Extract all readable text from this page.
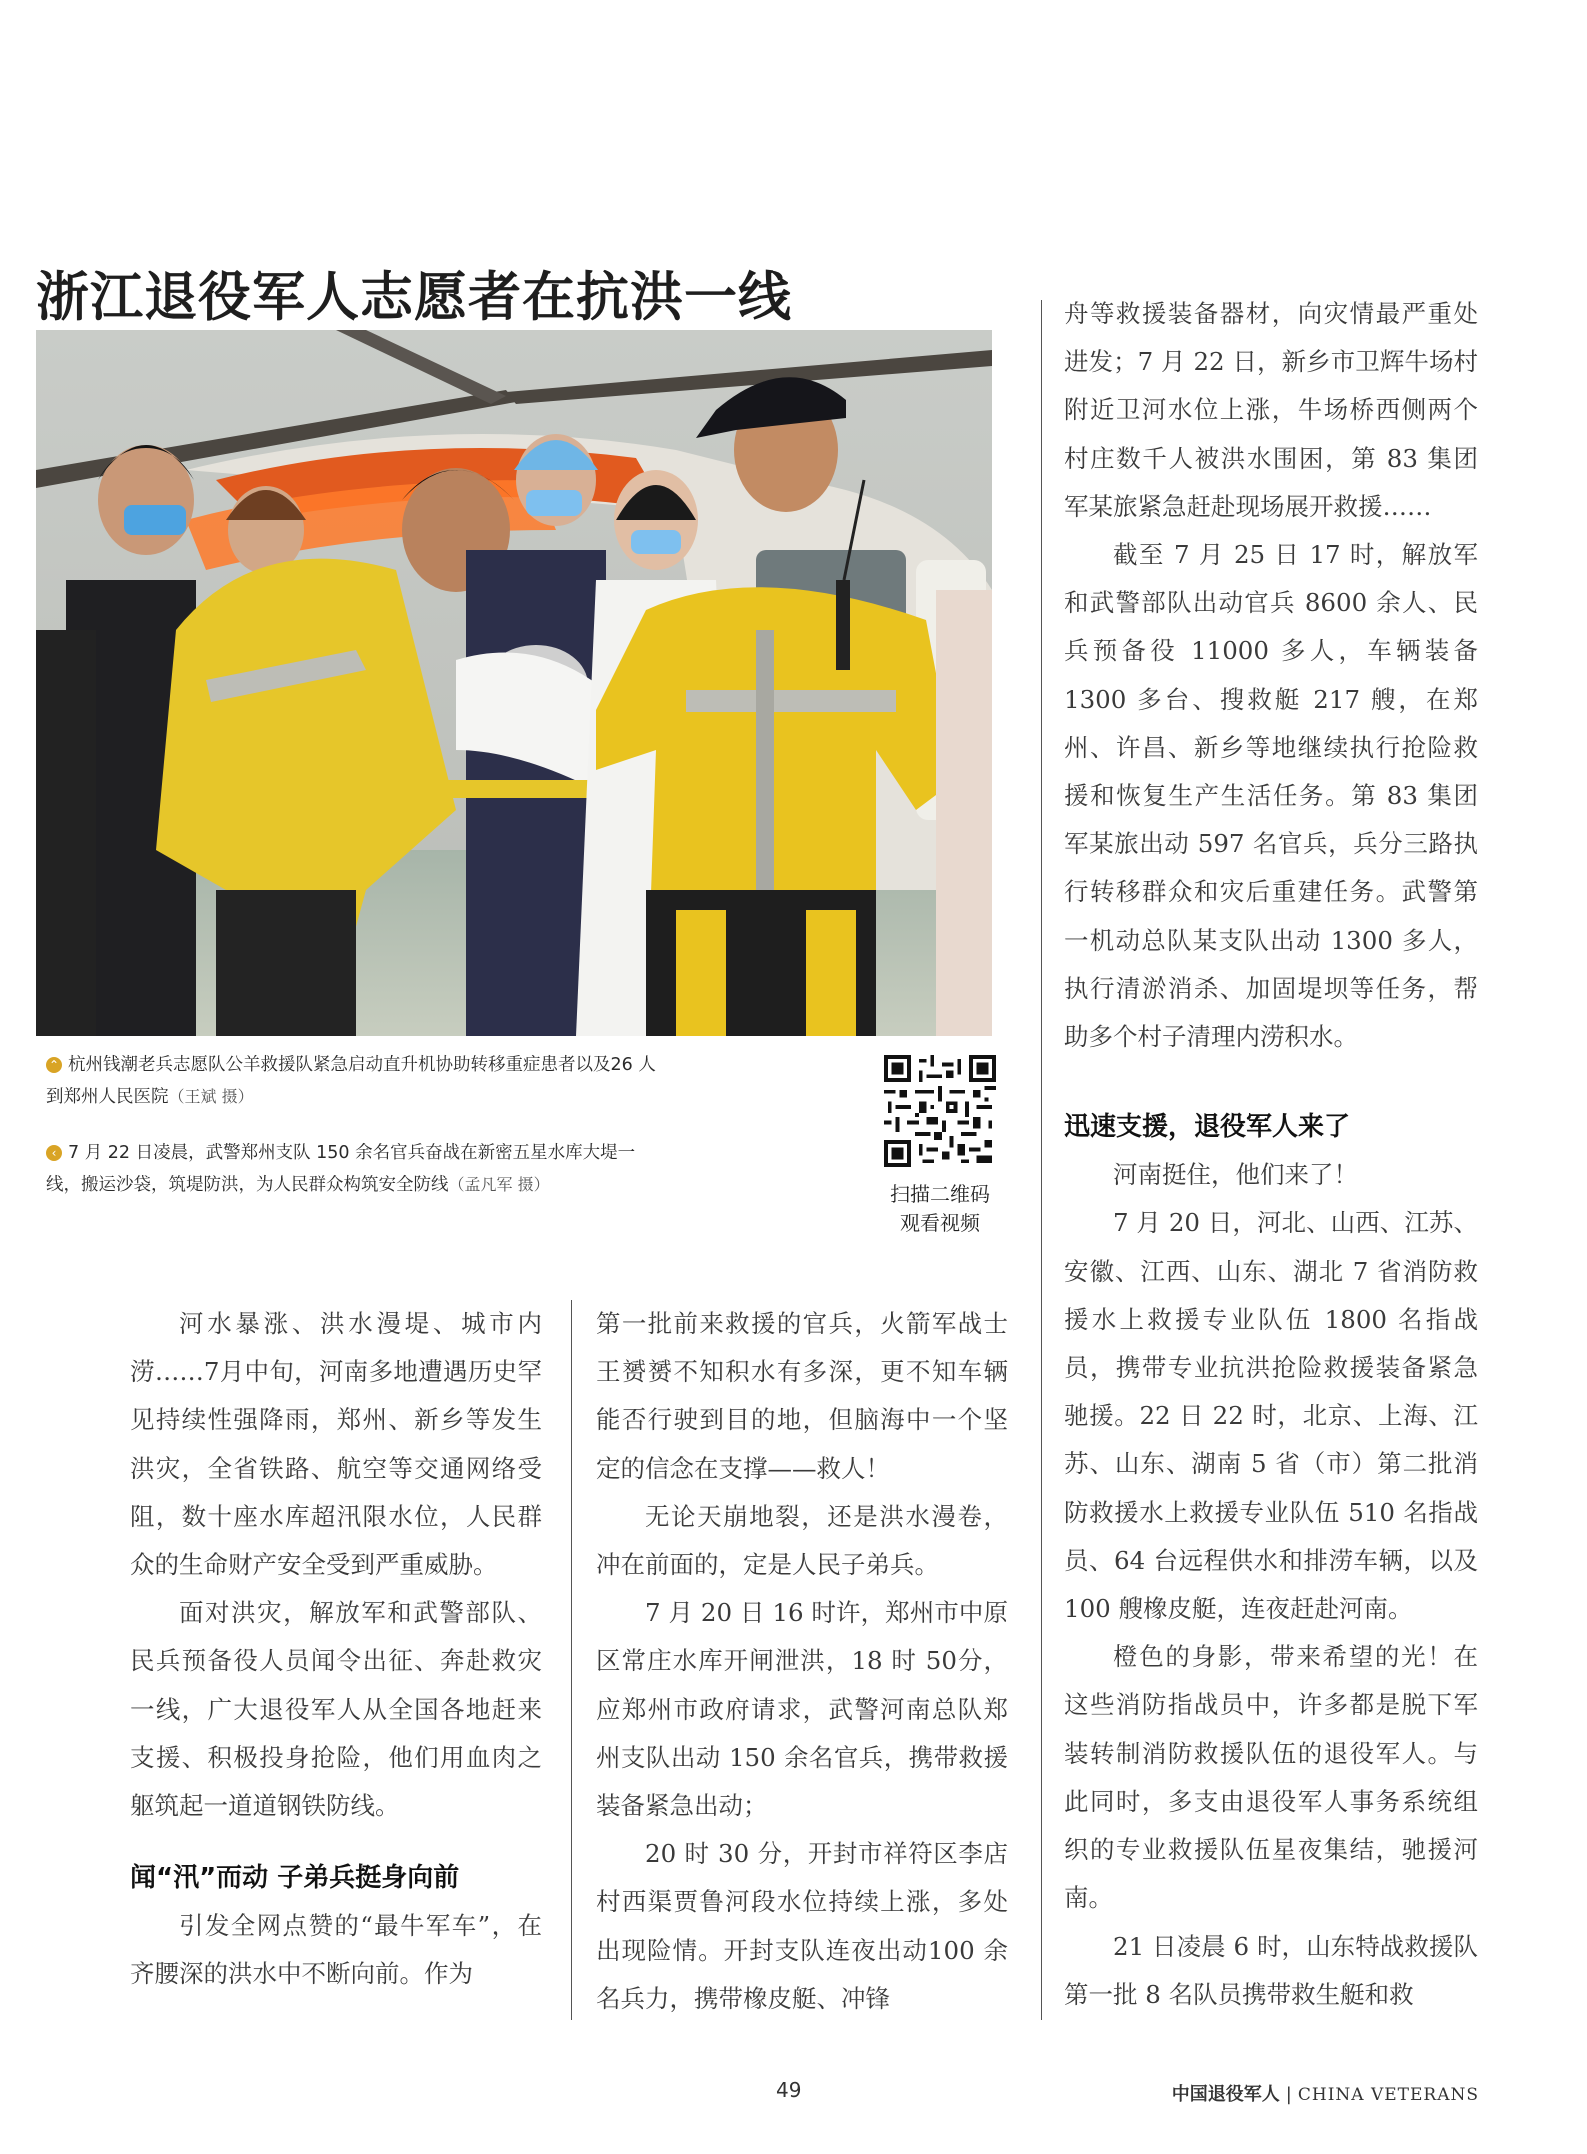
浙江退役军人志愿者在抗洪一线
⌃ 杭州钱潮老兵志愿队公羊救援队紧急启动直升机协助转移重症患者以及26 人到郑州人民医院（王斌 摄）
‹ 7 月 22 日凌晨，武警郑州支队 150 余名官兵奋战在新密五星水库大堤一线，搬运沙袋，筑堤防洪，为人民群众构筑安全防线（孟凡军 摄）	扫描二维码
观看视频

河水暴涨、洪水漫堤、城市内涝……7月中旬，河南多地遭遇历史罕见持续性强降雨，郑州、新乡等发生洪灾，全省铁路、航空等交通网络受阻，数十座水库超汛限水位，人民群众的生命财产安全受到严重威胁。

面对洪灾，解放军和武警部队、民兵预备役人员闻令出征、奔赴救灾一线，广大退役军人从全国各地赶来支援、积极投身抢险，他们用血肉之躯筑起一道道钢铁防线。

闻“汛”而动 子弟兵挺身向前

引发全网点赞的“最牛军车”，在齐腰深的洪水中不断向前。作为

第一批前来救援的官兵，火箭军战士王赟赟不知积水有多深，更不知车辆能否行驶到目的地，但脑海中一个坚定的信念在支撑——救人！

无论天崩地裂，还是洪水漫卷，冲在前面的，定是人民子弟兵。

7 月 20 日 16 时许，郑州市中原区常庄水库开闸泄洪，18 时 50分，应郑州市政府请求，武警河南总队郑州支队出动 150 余名官兵，携带救援装备紧急出动；

20 时 30 分，开封市祥符区李店村西渠贾鲁河段水位持续上涨，多处出现险情。开封支队连夜出动100 余名兵力，携带橡皮艇、冲锋

舟等救援装备器材，向灾情最严重处进发；7 月 22 日，新乡市卫辉牛场村附近卫河水位上涨，牛场桥西侧两个村庄数千人被洪水围困，第 83 集团军某旅紧急赶赴现场展开救援……

截至 7 月 25 日 17 时，解放军和武警部队出动官兵 8600 余人、民兵预备役 11000 多人，车辆装备 1300 多台、搜救艇 217 艘，在郑州、许昌、新乡等地继续执行抢险救援和恢复生产生活任务。第 83 集团军某旅出动 597 名官兵，兵分三路执行转移群众和灾后重建任务。武警第一机动总队某支队出动 1300 多人，执行清淤消杀、加固堤坝等任务，帮助多个村子清理内涝积水。

迅速支援，退役军人来了

河南挺住，他们来了！

7 月 20 日，河北、山西、江苏、安徽、江西、山东、湖北 7 省消防救援水上救援专业队伍 1800 名指战员，携带专业抗洪抢险救援装备紧急驰援。22 日 22 时，北京、上海、江苏、山东、湖南 5 省（市）第二批消防救援水上救援专业队伍 510 名指战员、64 台远程供水和排涝车辆，以及 100 艘橡皮艇，连夜赶赴河南。

橙色的身影，带来希望的光！在这些消防指战员中，许多都是脱下军装转制消防救援队伍的退役军人。与此同时，多支由退役军人事务系统组织的专业救援队伍星夜集结，驰援河南。

21 日凌晨 6 时，山东特战救援队第一批 8 名队员携带救生艇和救

49	中国退役军人 | CHINA VETERANS
